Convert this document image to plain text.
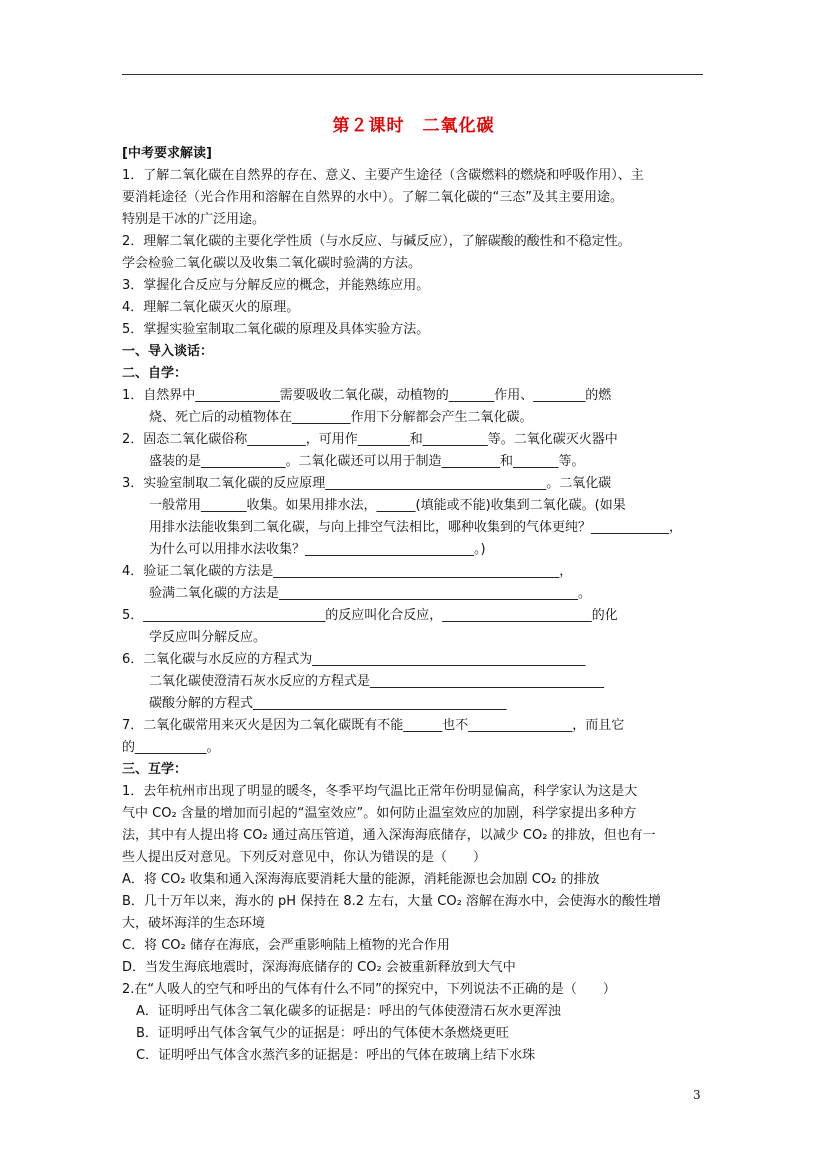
第２课时　二氧化碳
[中考要求解读]
1．了解二氧化碳在自然界的存在、意义、主要产生途径（含碳燃料的燃烧和呼吸作用）、主
要消耗途径（光合作用和溶解在自然界的水中）。了解二氧化碳的“三态”及其主要用途。
特别是干冰的广泛用途。
2．理解二氧化碳的主要化学性质（与水反应、与碱反应），了解碳酸的酸性和不稳定性。
学会检验二氧化碳以及收集二氧化碳时验满的方法。
3．掌握化合反应与分解反应的概念，并能熟练应用。
4．理解二氧化碳灭火的原理。
5．掌握实验室制取二氧化碳的原理及具体实验方法。
一、导入谈话：
二、自学：
1．自然界中_____________需要吸收二氧化碳，动植物的_______作用、________的燃
烧、死亡后的动植物体在_________作用下分解都会产生二氧化碳。
2．固态二氧化碳俗称_________，可用作________和__________等。二氧化碳灭火器中
盛装的是_____________。二氧化碳还可以用于制造_________和_______等。
3．实验室制取二氧化碳的反应原理__________________________________。二氧化碳
一般常用_______收集。如果用排水法，______(填能或不能)收集到二氧化碳。(如果
用排水法能收集到二氧化碳，与向上排空气法相比，哪种收集到的气体更纯？____________，
为什么可以用排水法收集？__________________________。)
4．验证二氧化碳的方法是____________________________________________，
验满二氧化碳的方法是______________________________________________。
5．____________________________的反应叫化合反应，_______________________的化
学反应叫分解反应。
6．二氧化碳与水反应的方程式为__________________________________________
二氧化碳使澄清石灰水反应的方程式是____________________________________
碳酸分解的方程式_______________________________________
7．二氧化碳常用来灭火是因为二氧化碳既有不能______也不________________，而且它
的___________。
三、互学：
1．去年杭州市出现了明显的暖冬，冬季平均气温比正常年份明显偏高，科学家认为这是大
气中 CO₂ 含量的增加而引起的“温室效应”。如何防止温室效应的加剧，科学家提出多种方
法，其中有人提出将 CO₂ 通过高压管道，通入深海海底储存，以减少 CO₂ 的排放，但也有一
些人提出反对意见。下列反对意见中，你认为错误的是（　　）
A．将 CO₂ 收集和通入深海海底要消耗大量的能源，消耗能源也会加剧 CO₂ 的排放
B．几十万年以来，海水的 pH 保持在 8.2 左右，大量 CO₂ 溶解在海水中，会使海水的酸性增
大，破坏海洋的生态环境
C．将 CO₂ 储存在海底，会严重影响陆上植物的光合作用
D．当发生海底地震时，深海海底储存的 CO₂ 会被重新释放到大气中
2.在“人吸人的空气和呼出的气体有什么不同”的探究中，下列说法不正确的是（　　）
A．证明呼出气体含二氧化碳多的证据是：呼出的气体使澄清石灰水更浑浊
B．证明呼出气体含氧气少的证据是：呼出的气体使木条燃烧更旺
C．证明呼出气体含水蒸汽多的证据是：呼出的气体在玻璃上结下水珠
3
